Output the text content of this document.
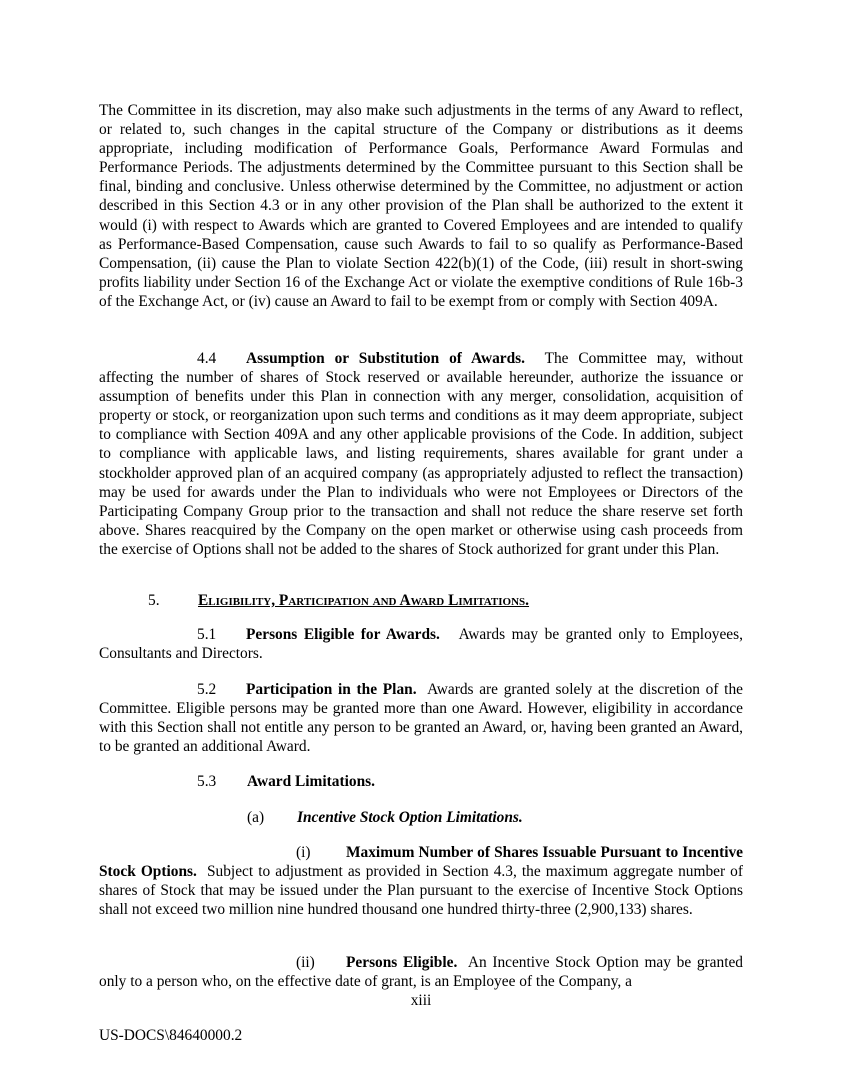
The Committee in its discretion, may also make such adjustments in the terms of any Award to reflect, or related to, such changes in the capital structure of the Company or distributions as it deems appropriate, including modification of Performance Goals, Performance Award Formulas and Performance Periods. The adjustments determined by the Committee pursuant to this Section shall be final, binding and conclusive. Unless otherwise determined by the Committee, no adjustment or action described in this Section 4.3 or in any other provision of the Plan shall be authorized to the extent it would (i) with respect to Awards which are granted to Covered Employees and are intended to qualify as Performance-Based Compensation, cause such Awards to fail to so qualify as Performance-Based Compensation, (ii) cause the Plan to violate Section 422(b)(1) of the Code, (iii) result in short-swing profits liability under Section 16 of the Exchange Act or violate the exemptive conditions of Rule 16b-3 of the Exchange Act, or (iv) cause an Award to fail to be exempt from or comply with Section 409A.

4.4 Assumption or Substitution of Awards. The Committee may, without affecting the number of shares of Stock reserved or available hereunder, authorize the issuance or assumption of benefits under this Plan in connection with any merger, consolidation, acquisition of property or stock, or reorganization upon such terms and conditions as it may deem appropriate, subject to compliance with Section 409A and any other applicable provisions of the Code. In addition, subject to compliance with applicable laws, and listing requirements, shares available for grant under a stockholder approved plan of an acquired company (as appropriately adjusted to reflect the transaction) may be used for awards under the Plan to individuals who were not Employees or Directors of the Participating Company Group prior to the transaction and shall not reduce the share reserve set forth above. Shares reacquired by the Company on the open market or otherwise using cash proceeds from the exercise of Options shall not be added to the shares of Stock authorized for grant under this Plan.

5. Eligibility, Participation and Award Limitations.

5.1 Persons Eligible for Awards. Awards may be granted only to Employees, Consultants and Directors.

5.2 Participation in the Plan. Awards are granted solely at the discretion of the Committee. Eligible persons may be granted more than one Award. However, eligibility in accordance with this Section shall not entitle any person to be granted an Award, or, having been granted an Award, to be granted an additional Award.

5.3 Award Limitations.

(a) Incentive Stock Option Limitations.

(i) Maximum Number of Shares Issuable Pursuant to Incentive Stock Options. Subject to adjustment as provided in Section 4.3, the maximum aggregate number of shares of Stock that may be issued under the Plan pursuant to the exercise of Incentive Stock Options shall not exceed two million nine hundred thousand one hundred thirty-three (2,900,133) shares.

(ii) Persons Eligible. An Incentive Stock Option may be granted only to a person who, on the effective date of grant, is an Employee of the Company, a

xiii

US-DOCS\84640000.2
